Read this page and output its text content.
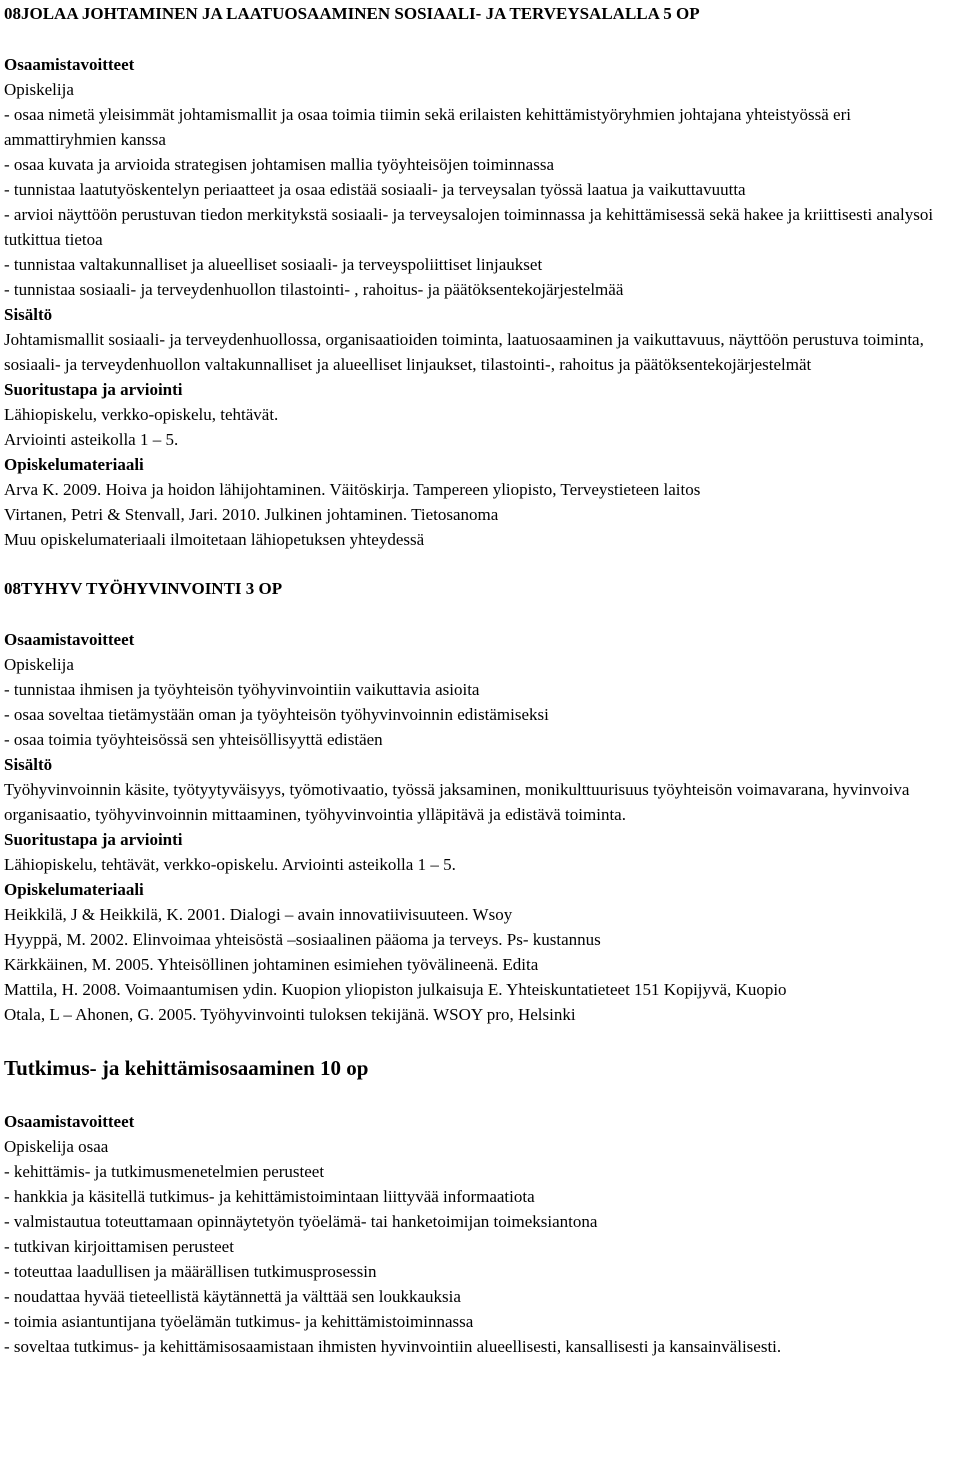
08JOLAA JOHTAMINEN JA LAATUOSAAMINEN SOSIAALI- JA TERVEYSALALLA 5 OP
Osaamistavoitteet
Opiskelija
- osaa nimetä yleisimmät johtamismallit ja osaa toimia tiimin sekä erilaisten kehittämistyöryhmien johtajana yhteistyössä eri ammattiryhmien kanssa
- osaa kuvata ja arvioida strategisen johtamisen mallia työyhteisöjen toiminnassa
- tunnistaa laatutyöskentelyn periaatteet ja osaa edistää sosiaali- ja terveysalan työssä laatua ja vaikuttavuutta
- arvioi näyttöön perustuvan tiedon merkitykstä sosiaali- ja terveysalojen toiminnassa ja kehittämisessä sekä hakee ja kriittisesti analysoi tutkittua tietoa
- tunnistaa valtakunnalliset ja alueelliset sosiaali- ja terveyspoliittiset linjaukset
- tunnistaa sosiaali- ja terveydenhuollon tilastointi- , rahoitus- ja päätöksentekojärjestelmää
Sisältö
Johtamismallit sosiaali- ja terveydenhuollossa, organisaatioiden toiminta, laatuosaaminen ja vaikuttavuus, näyttöön perustuva toiminta, sosiaali- ja terveydenhuollon valtakunnalliset ja alueelliset linjaukset, tilastointi-, rahoitus ja päätöksentekojärjestelmät
Suoritustapa ja arviointi
Lähiopiskelu, verkko-opiskelu, tehtävät.
Arviointi asteikolla 1 – 5.
Opiskelumateriaali
Arva K. 2009. Hoiva ja hoidon lähijohtaminen. Väitöskirja. Tampereen yliopisto, Terveystieteen laitos
Virtanen, Petri & Stenvall, Jari. 2010. Julkinen johtaminen. Tietosanoma
Muu opiskelumateriaali ilmoitetaan lähiopetuksen yhteydessä
08TYHYV TYÖHYVINVOINTI 3 OP
Osaamistavoitteet
Opiskelija
- tunnistaa ihmisen ja työyhteisön työhyvinvointiin vaikuttavia asioita
- osaa soveltaa tietämystään oman ja työyhteisön työhyvinvoinnin edistämiseksi
- osaa toimia työyhteisössä sen yhteisöllisyyttä edistäen
Sisältö
Työhyvinvoinnin käsite, työtyytyväisyys, työmotivaatio, työssä jaksaminen, monikulttuurisuus työyhteisön voimavarana, hyvinvoiva organisaatio, työhyvinvoinnin mittaaminen, työhyvinvointia ylläpitävä ja edistävä toiminta.
Suoritustapa ja arviointi
Lähiopiskelu, tehtävät, verkko-opiskelu. Arviointi asteikolla 1 – 5.
Opiskelumateriaali
Heikkilä, J & Heikkilä, K. 2001. Dialogi – avain innovatiivisuuteen. Wsoy
Hyyppä, M. 2002. Elinvoimaa yhteisöstä –sosiaalinen pääoma ja terveys. Ps- kustannus
Kärkkäinen, M. 2005. Yhteisöllinen johtaminen esimiehen työvälineenä. Edita
Mattila, H. 2008. Voimaantumisen ydin. Kuopion yliopiston julkaisuja E. Yhteiskuntatieteet 151 Kopijyvä, Kuopio
Otala, L – Ahonen, G. 2005. Työhyvinvointi tuloksen tekijänä. WSOY pro, Helsinki
Tutkimus- ja kehittämisosaaminen 10 op
Osaamistavoitteet
Opiskelija osaa
- kehittämis- ja tutkimusmenetelmien perusteet
- hankkia ja käsitellä tutkimus- ja kehittämistoimintaan liittyvää informaatiota
- valmistautua toteuttamaan opinnäytetyön työelämä- tai hanketoimijan toimeksiantona
- tutkivan kirjoittamisen perusteet
- toteuttaa laadullisen ja määrällisen tutkimusprosessin
- noudattaa hyvää tieteellistä käytännettä ja välttää sen loukkauksia
- toimia asiantuntijana työelämän tutkimus- ja kehittämistoiminnassa
- soveltaa tutkimus- ja kehittämisosaamistaan ihmisten hyvinvointiin alueellisesti, kansallisesti ja kansainvälisesti.
